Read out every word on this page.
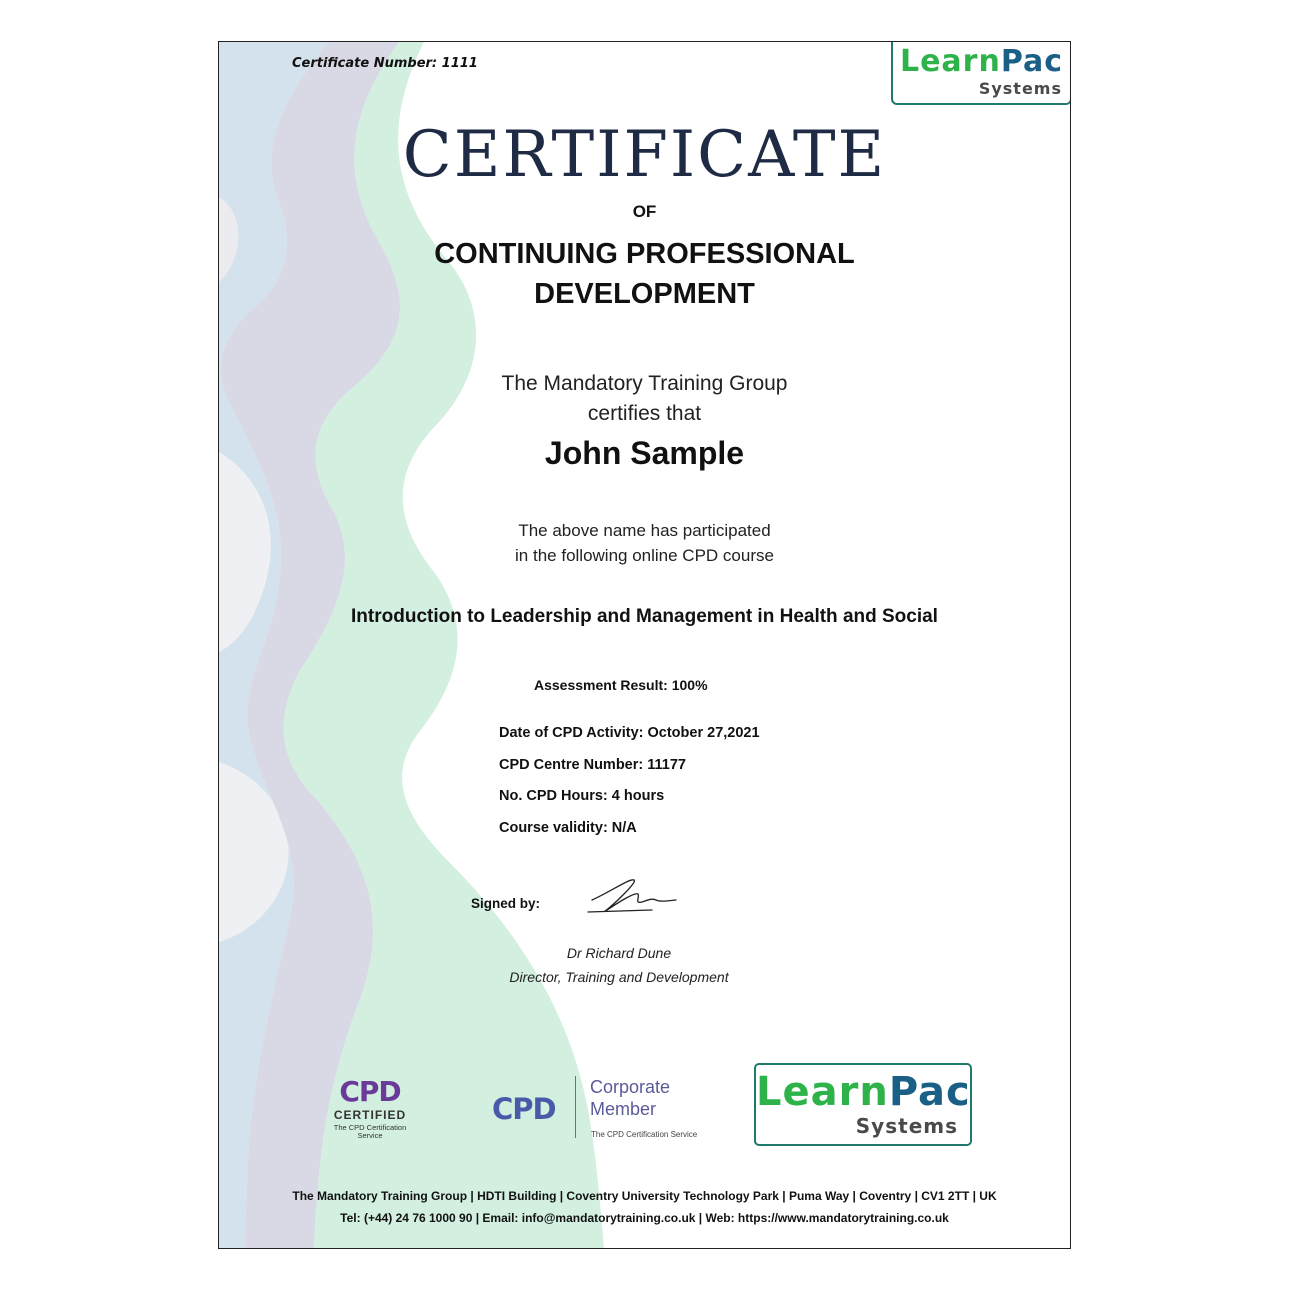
Certificate Number: 1111	LearnPac
Systems
CERTIFICATE
OF
CONTINUING PROFESSIONAL
DEVELOPMENT
The Mandatory Training Group
certifies that
John Sample
The above name has participated
in the following online CPD course
Introduction to Leadership and Management in Health and Social
Assessment Result: 100%
Date of CPD Activity: October 27,2021
CPD Centre Number: 11177
No. CPD Hours: 4 hours
Course validity: N/A
Signed by:
Dr Richard Dune
Director, Training and Development
CPD
CERTIFIED
The CPD Certification
Service
CPD
Corporate
Member
The CPD Certification Service
LearnPac
Systems
The Mandatory Training Group | HDTI Building | Coventry University Technology Park | Puma Way | Coventry | CV1 2TT | UK
Tel: (+44) 24 76 1000 90 | Email: info@mandatorytraining.co.uk | Web: https://www.mandatorytraining.co.uk
